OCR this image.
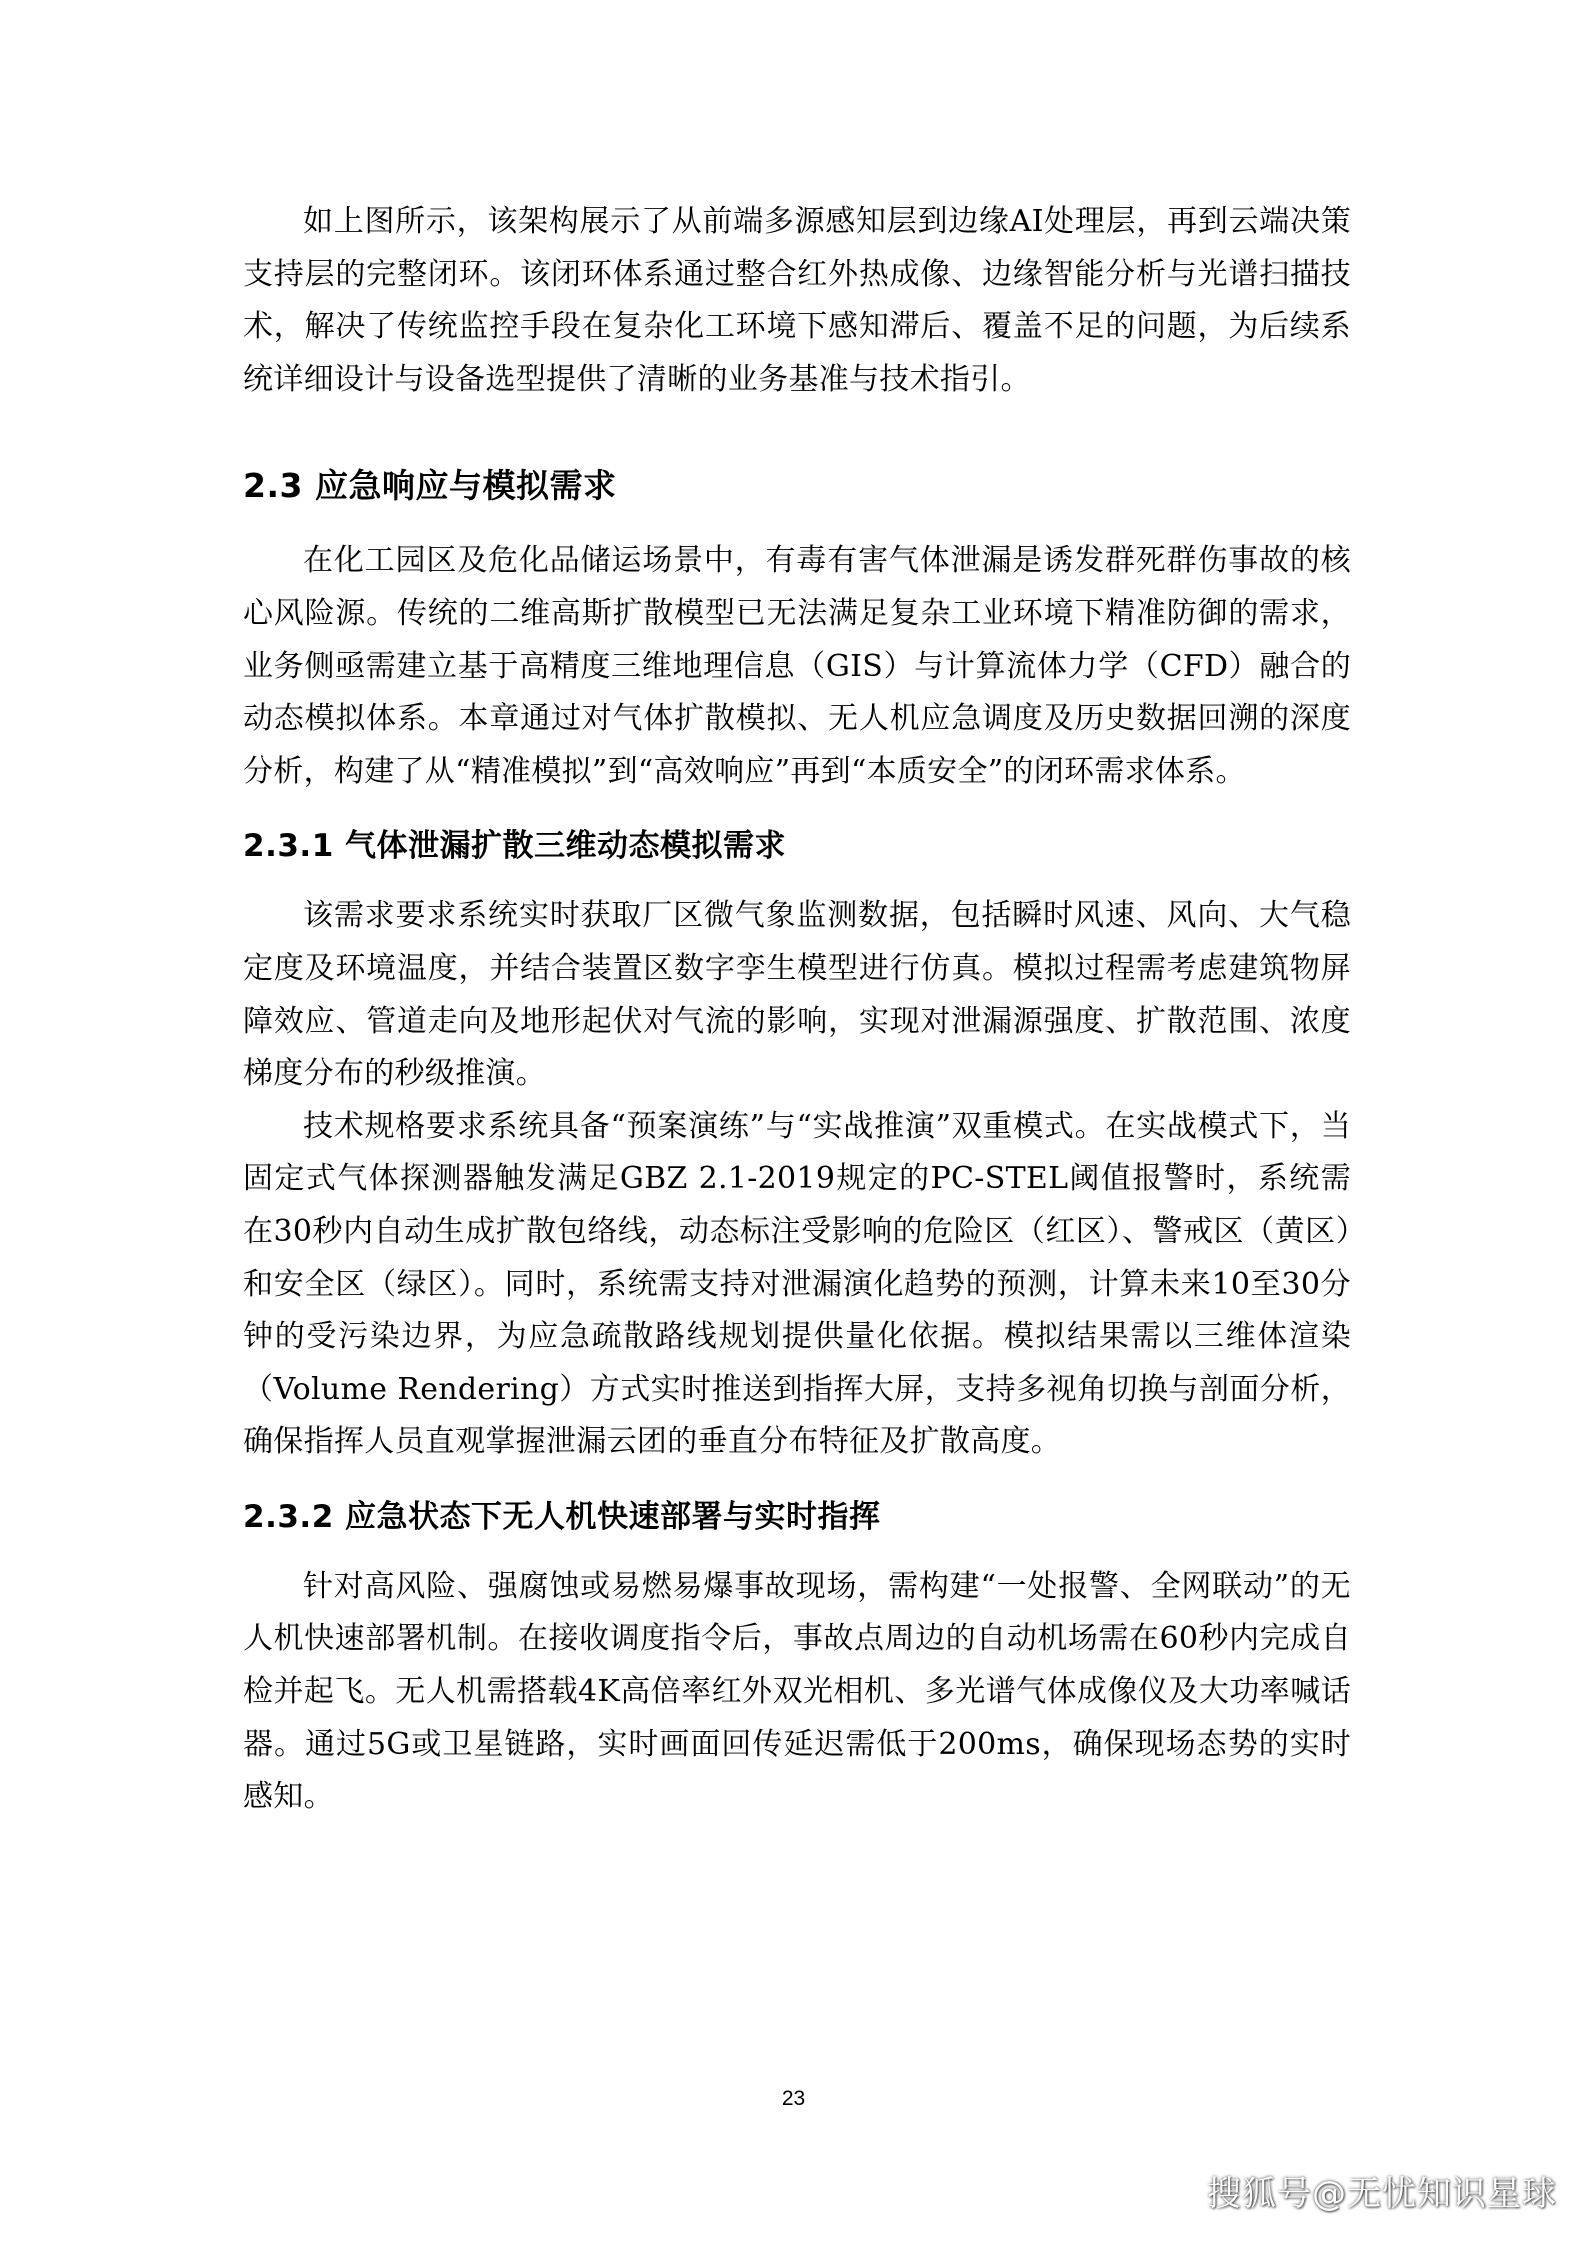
如上图所示，该架构展示了从前端多源感知层到边缘AI处理层，再到云端决策支持层的完整闭环。该闭环体系通过整合红外热成像、边缘智能分析与光谱扫描技术，解决了传统监控手段在复杂化工环境下感知滞后、覆盖不足的问题，为后续系统详细设计与设备选型提供了清晰的业务基准与技术指引。

2.3 应急响应与模拟需求

在化工园区及危化品储运场景中，有毒有害气体泄漏是诱发群死群伤事故的核心风险源。传统的二维高斯扩散模型已无法满足复杂工业环境下精准防御的需求，业务侧亟需建立基于高精度三维地理信息（GIS）与计算流体力学（CFD）融合的动态模拟体系。本章通过对气体扩散模拟、无人机应急调度及历史数据回溯的深度分析，构建了从“精准模拟”到“高效响应”再到“本质安全”的闭环需求体系。

2.3.1 气体泄漏扩散三维动态模拟需求

该需求要求系统实时获取厂区微气象监测数据，包括瞬时风速、风向、大气稳定度及环境温度，并结合装置区数字孪生模型进行仿真。模拟过程需考虑建筑物屏障效应、管道走向及地形起伏对气流的影响，实现对泄漏源强度、扩散范围、浓度梯度分布的秒级推演。

技术规格要求系统具备“预案演练”与“实战推演”双重模式。在实战模式下，当固定式气体探测器触发满足GBZ 2.1-2019规定的PC-STEL阈值报警时，系统需在30秒内自动生成扩散包络线，动态标注受影响的危险区（红区）、警戒区（黄区）和安全区（绿区）。同时，系统需支持对泄漏演化趋势的预测，计算未来10至30分钟的受污染边界，为应急疏散路线规划提供量化依据。模拟结果需以三维体渲染（Volume Rendering）方式实时推送到指挥大屏，支持多视角切换与剖面分析，确保指挥人员直观掌握泄漏云团的垂直分布特征及扩散高度。

2.3.2 应急状态下无人机快速部署与实时指挥

针对高风险、强腐蚀或易燃易爆事故现场，需构建“一处报警、全网联动”的无人机快速部署机制。在接收调度指令后，事故点周边的自动机场需在60秒内完成自检并起飞。无人机需搭载4K高倍率红外双光相机、多光谱气体成像仪及大功率喊话器。通过5G或卫星链路，实时画面回传延迟需低于200ms，确保现场态势的实时感知。

23
搜狐号@无忧知识星球
